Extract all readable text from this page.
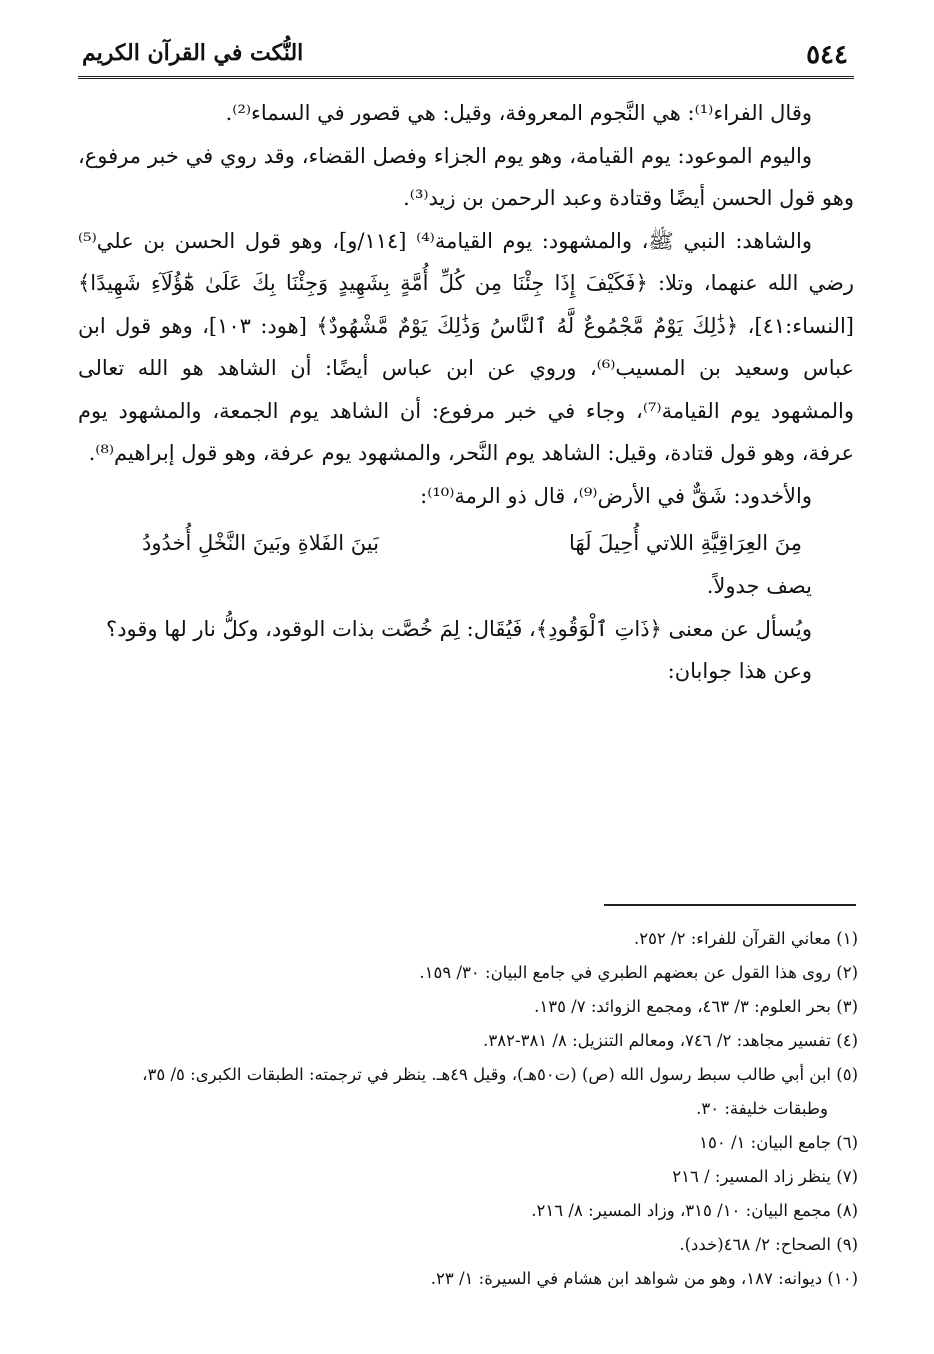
٥٤٤
النُّكت في القرآن الكريم

وقال الفراء⁽¹⁾: هي النَّجوم المعروفة، وقيل: هي قصور في السماء⁽²⁾.

واليوم الموعود: يوم القيامة، وهو يوم الجزاء وفصل القضاء، وقد روي في خبر مرفوع، وهو قول الحسن أيضًا وقتادة وعبد الرحمن بن زيد⁽³⁾.

والشاهد: النبي ﷺ، والمشهود: يوم القيامة⁽⁴⁾ [١١٤/و]، وهو قول الحسن بن علي⁽⁵⁾ رضي الله عنهما، وتلا: ﴿فَكَيْفَ إِذَا جِئْنَا مِن كُلِّ أُمَّةٍ بِشَهِيدٍ وَجِئْنَا بِكَ عَلَىٰ هَٰٓؤُلَآءِ شَهِيدًا﴾ [النساء:٤١]، ﴿ذَٰلِكَ يَوْمٌ مَّجْمُوعٌ لَّهُ ٱلنَّاسُ وَذَٰلِكَ يَوْمٌ مَّشْهُودٌ﴾ [هود: ١٠٣]، وهو قول ابن عباس وسعيد بن المسيب⁽⁶⁾، وروي عن ابن عباس أيضًا: أن الشاهد هو الله تعالى والمشهود يوم القيامة⁽⁷⁾، وجاء في خبر مرفوع: أن الشاهد يوم الجمعة، والمشهود يوم عرفة، وهو قول قتادة، وقيل: الشاهد يوم النَّحر، والمشهود يوم عرفة، وهو قول إبراهيم⁽⁸⁾.

والأخدود: شَقٌّ في الأرض⁽⁹⁾، قال ذو الرمة⁽¹⁰⁾:

مِنَ العِرَاقِيَّةِ اللاتي أُحِيلَ لَهَا
بَينَ الفَلاةِ وبَينَ النَّخْلِ أُخدُودُ

يصف جدولاً.

ويُسأل عن معنى ﴿ذَاتِ ٱلْوَقُودِ﴾، فَيُقَال: لِمَ خُصَّت بذات الوقود، وكلُّ نار لها وقود؟

وعن هذا جوابان:

(١) معاني القرآن للفراء: ٢/ ٢٥٢.

(٢) روى هذا القول عن بعضهم الطبري في جامع البيان: ٣٠/ ١٥٩.

(٣) بحر العلوم: ٣/ ٤٦٣، ومجمع الزوائد: ٧/ ١٣٥.

(٤) تفسير مجاهد: ٢/ ٧٤٦، ومعالم التنزيل: ٨/ ٣٨١-٣٨٢.

(٥) ابن أبي طالب سبط رسول الله (ص) (ت٥٠هـ)، وقيل ٤٩هـ. ينظر في ترجمته: الطبقات الكبرى: ٥/ ٣٥،

وطبقات خليفة: ٣٠.

(٦) جامع البيان: ١/ ١٥٠

(٧) ينظر زاد المسير: / ٢١٦

(٨) مجمع البيان: ١٠/ ٣١٥، وزاد المسير: ٨/ ٢١٦.

(٩) الصحاح: ٢/ ٤٦٨(خدد).

(١٠) ديوانه: ١٨٧، وهو من شواهد ابن هشام في السيرة: ١/ ٢٣.
